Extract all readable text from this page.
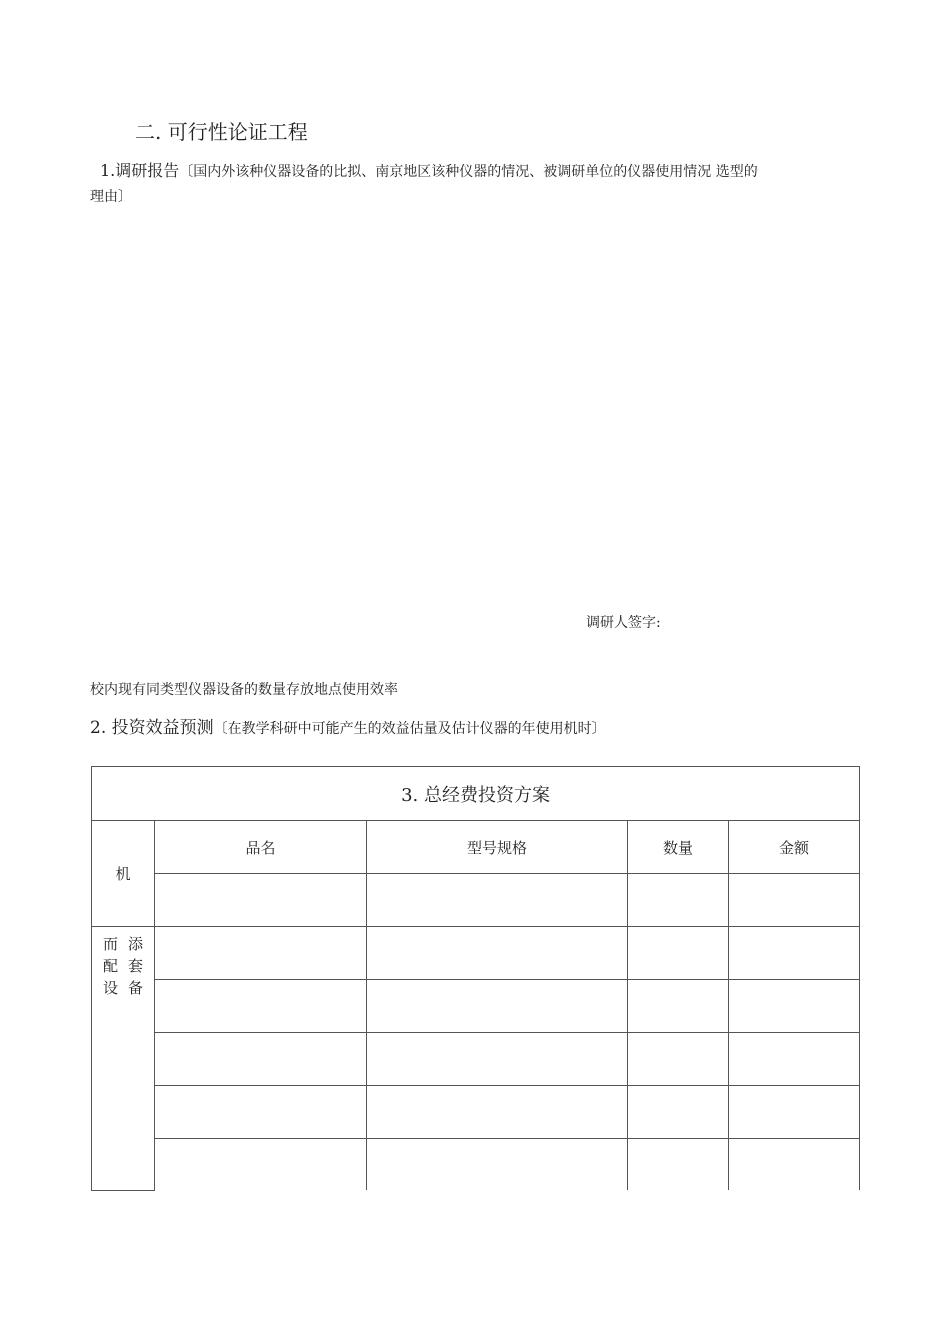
二. 可行性论证工程
1.调研报告〔国内外该种仪器设备的比拟、南京地区该种仪器的情况、被调研单位的仪器使用情况 选型的
理由〕
调研人签字:
校内现有同类型仪器设备的数量存放地点使用效率
2. 投资效益预测〔在教学科研中可能产生的效益估量及估计仪器的年使用机时〕
3. 总经费投资方案				
机	品名	型号规格	数量	金额

而添
配套
设备				
